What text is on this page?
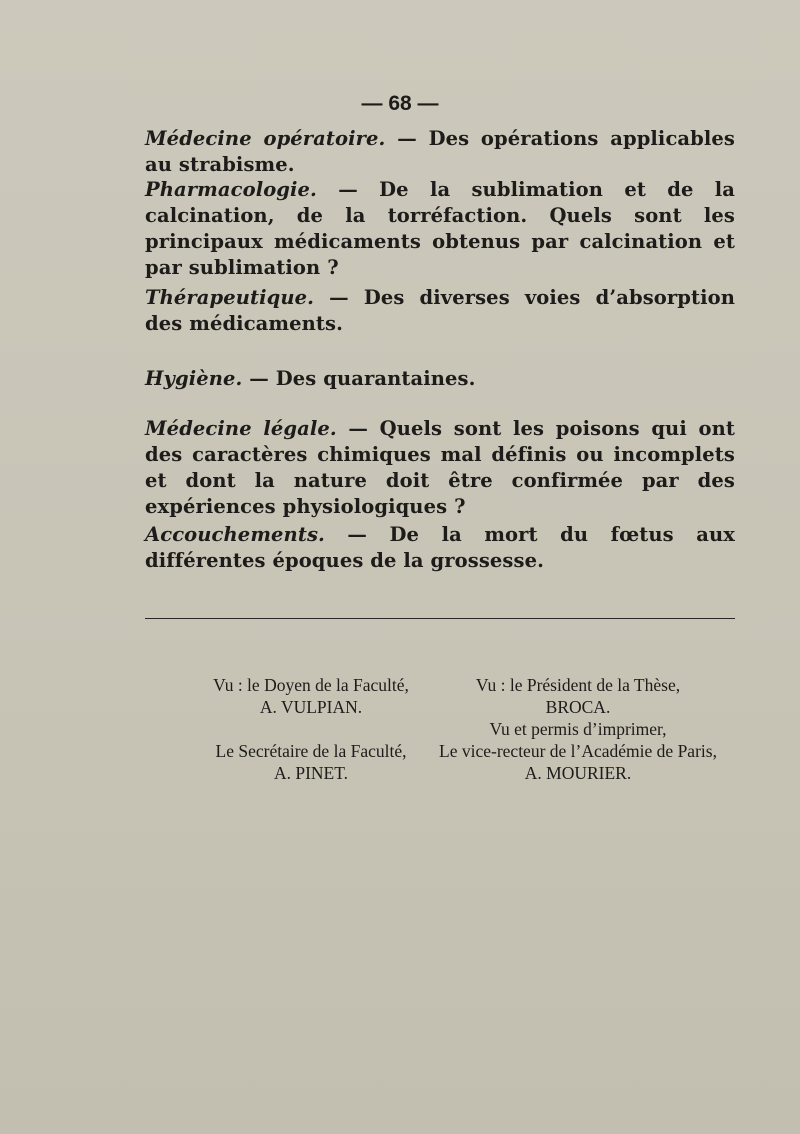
— 68 —
Médecine opératoire. — Des opérations applicables au strabisme.
Pharmacologie. — De la sublimation et de la calcination, de la torréfaction. Quels sont les principaux médicaments obtenus par calcination et par sublimation ?
Thérapeutique. — Des diverses voies d’absorption des médicaments.
Hygiène. — Des quarantaines.
Médecine légale. — Quels sont les poisons qui ont des caractères chimiques mal définis ou incomplets et dont la nature doit être confirmée par des expériences physiologiques ?
Accouchements. — De la mort du fœtus aux différentes époques de la grossesse.
Vu : le Doyen de la Faculté,
A. VULPIAN.
Le Secrétaire de la Faculté,
A. PINET.
Vu : le Président de la Thèse,
BROCA.
Vu et permis d’imprimer,
Le vice-recteur de l’Académie de Paris,
A. MOURIER.
